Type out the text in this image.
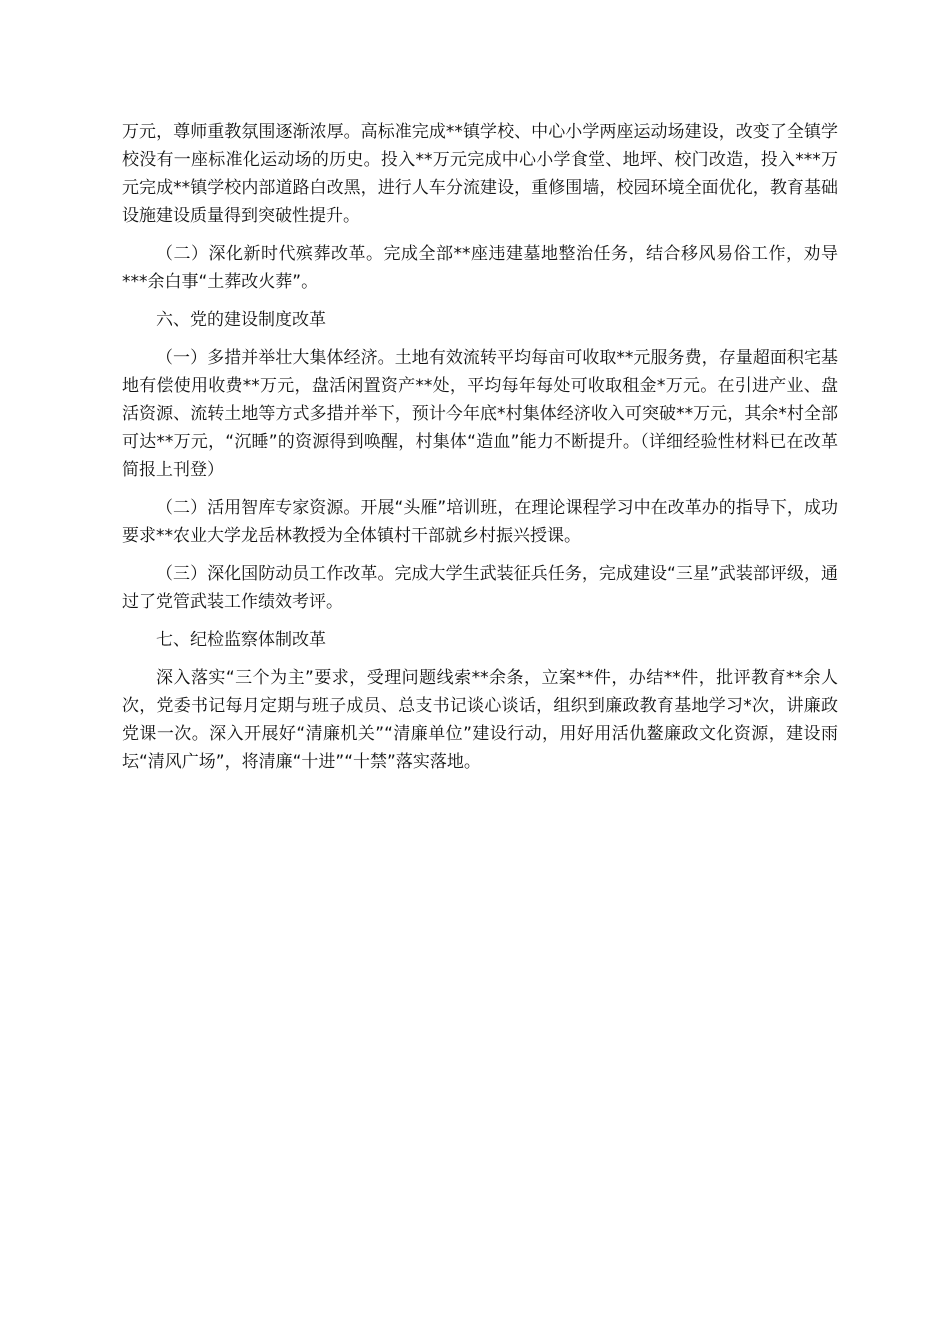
万元，尊师重教氛围逐渐浓厚。高标准完成**镇学校、中心小学两座运动场建设，改变了全镇学校没有一座标准化运动场的历史。投入**万元完成中心小学食堂、地坪、校门改造，投入***万元完成**镇学校内部道路白改黑，进行人车分流建设，重修围墙，校园环境全面优化，教育基础设施建设质量得到突破性提升。

（二）深化新时代殡葬改革。完成全部**座违建墓地整治任务，结合移风易俗工作，劝导***余白事“土葬改火葬”。

六、党的建设制度改革

（一）多措并举壮大集体经济。土地有效流转平均每亩可收取**元服务费，存量超面积宅基地有偿使用收费**万元，盘活闲置资产**处，平均每年每处可收取租金*万元。在引进产业、盘活资源、流转土地等方式多措并举下，预计今年底*村集体经济收入可突破**万元，其余*村全部可达**万元，“沉睡”的资源得到唤醒，村集体“造血”能力不断提升。（详细经验性材料已在改革简报上刊登）

（二）活用智库专家资源。开展“头雁”培训班，在理论课程学习中在改革办的指导下，成功要求**农业大学龙岳林教授为全体镇村干部就乡村振兴授课。

（三）深化国防动员工作改革。完成大学生武装征兵任务，完成建设“三星”武装部评级，通过了党管武装工作绩效考评。

七、纪检监察体制改革

深入落实“三个为主”要求，受理问题线索**余条，立案**件，办结**件，批评教育**余人次，党委书记每月定期与班子成员、总支书记谈心谈话，组织到廉政教育基地学习*次，讲廉政党课一次。深入开展好“清廉机关”“清廉单位”建设行动，用好用活仇鳌廉政文化资源，建设雨坛“清风广场”，将清廉“十进”“十禁”落实落地。
